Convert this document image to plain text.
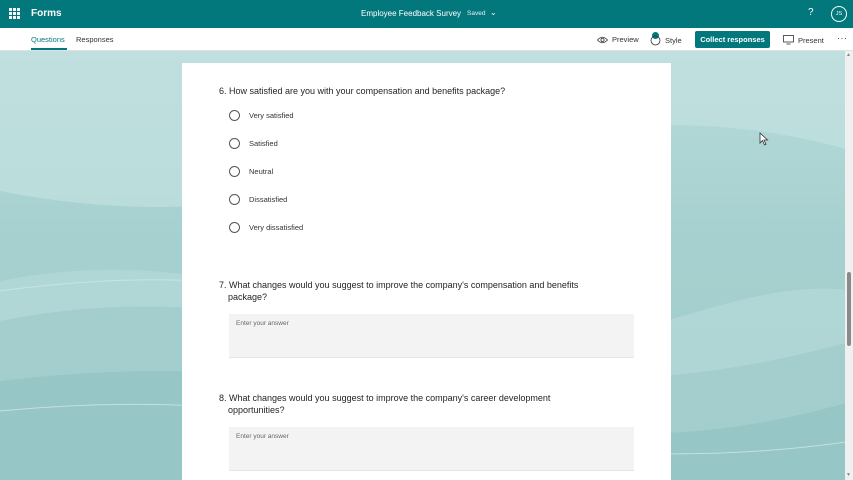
Forms	Employee Feedback Survey Saved ⌄	?	JS
Questions Responses	Preview	Style	Collect responses	Present ···
▲
▼
6. How satisfied are you with your compensation and benefits package?
Very satisfied
Satisfied
Neutral
Dissatisfied
Very dissatisfied
7. What changes would you suggest to improve the company's compensation and benefits
package?
Enter your answer
8. What changes would you suggest to improve the company's career development
opportunities?
Enter your answer
